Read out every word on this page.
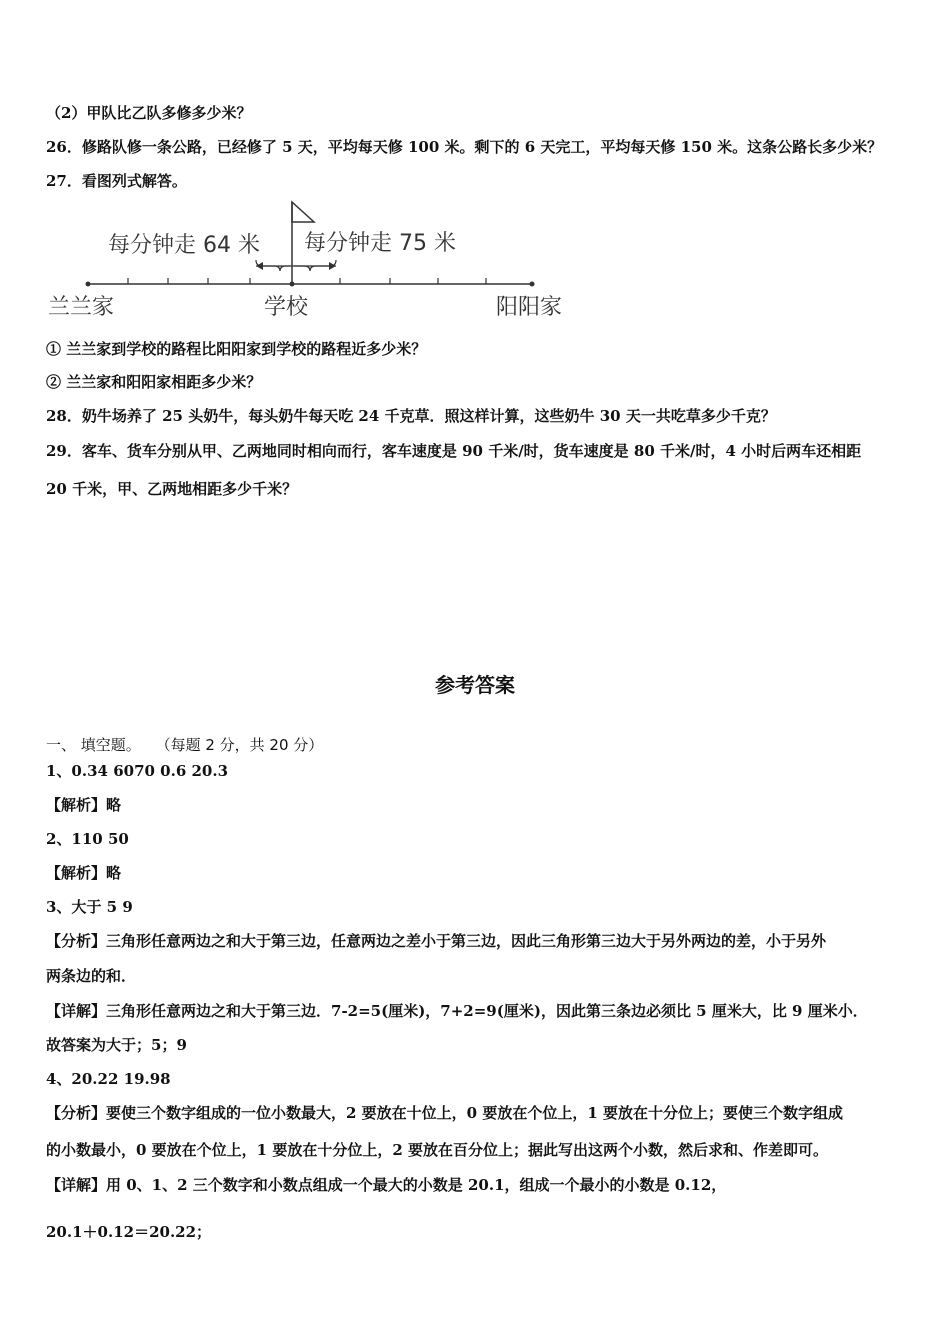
（2）甲队比乙队多修多少米？
26．修路队修一条公路，已经修了 5 天，平均每天修 100 米。剩下的 6 天完工，平均每天修 150 米。这条公路长多少米？
27．看图列式解答。
每分钟走 64 米 每分钟走 75 米
兰兰家	学校	阳阳家
① 兰兰家到学校的路程比阳阳家到学校的路程近多少米？
② 兰兰家和阳阳家相距多少米？
28．奶牛场养了 25 头奶牛，每头奶牛每天吃 24 千克草．照这样计算，这些奶牛 30 天一共吃草多少千克？
29．客车、货车分别从甲、乙两地同时相向而行，客车速度是 90 千米/时，货车速度是 80 千米/时，4 小时后两车还相距
20 千米，甲、乙两地相距多少千米？
参考答案
一、 填空题。 （每题 2 分，共 20 分）
1、0.34 6070 0.6 20.3
【解析】略
2、110 50
【解析】略
3、大于 5 9
【分析】三角形任意两边之和大于第三边，任意两边之差小于第三边，因此三角形第三边大于另外两边的差，小于另外
两条边的和．
【详解】三角形任意两边之和大于第三边．7-2=5(厘米)，7+2=9(厘米)，因此第三条边必须比 5 厘米大，比 9 厘米小．
故答案为大于；5；9
4、20.22 19.98
【分析】要使三个数字组成的一位小数最大，2 要放在十位上，0 要放在个位上，1 要放在十分位上；要使三个数字组成
的小数最小，0 要放在个位上，1 要放在十分位上，2 要放在百分位上；据此写出这两个小数，然后求和、作差即可。
【详解】用 0、1、2 三个数字和小数点组成一个最大的小数是 20.1，组成一个最小的小数是 0.12，
20.1＋0.12＝20.22；
